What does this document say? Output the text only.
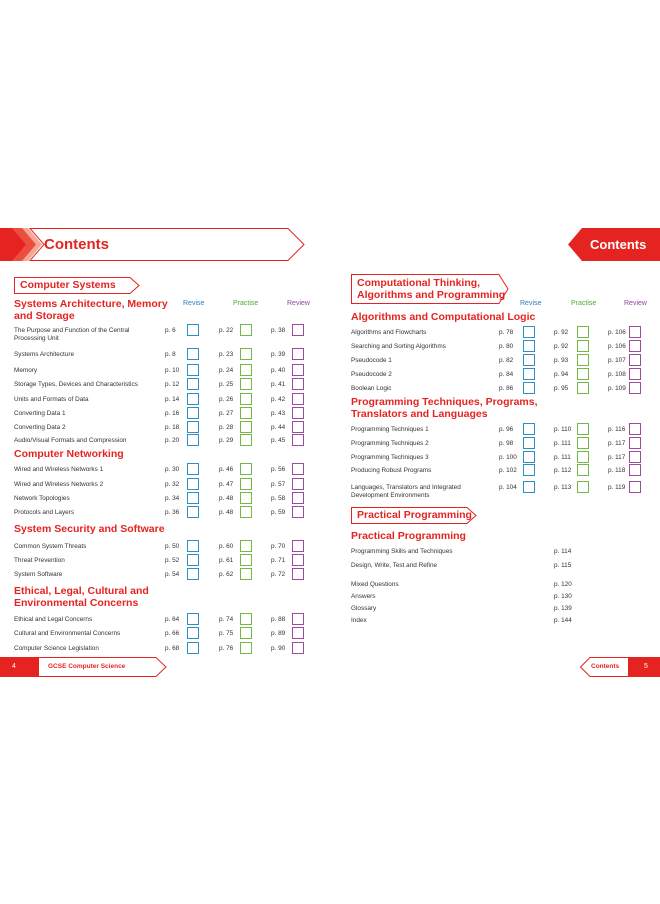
Contents	Contents
Computer Systems
Revise	Practise	Review
Systems Architecture, Memory and Storage
The Purpose and Function of the Central Processing Unit
p. 6	p. 22	p. 38
Systems Architecture	p. 8	p. 23	p. 39
Memory	p. 10	p. 24	p. 40
Storage Types, Devices and Characteristics	p. 12	p. 25	p. 41
Units and Formats of Data	p. 14	p. 26	p. 42
Converting Data 1	p. 16	p. 27	p. 43
Converting Data 2	p. 18	p. 28	p. 44
Audio/Visual Formats and Compression	p. 20	p. 29	p. 45
Computer Networking
System Security and Software
Ethical, Legal, Cultural and Environmental Concerns
Wired and Wireless Networks 1	p. 30	p. 46	p. 56
Wired and Wireless Networks 2	p. 32	p. 47	p. 57
Network Topologies	p. 34	p. 48	p. 58
Protocols and Layers	p. 36	p. 48	p. 59
Common System Threats	p. 50	p. 60	p. 70
Threat Prevention	p. 52	p. 61	p. 71
System Software	p. 54	p. 62	p. 72
Ethical and Legal Concerns	p. 64	p. 74	p. 88
Cultural and Environmental Concerns	p. 66	p. 75	p. 89
Computer Science Legislation	p. 68	p. 76	p. 90
Computational Thinking, Algorithms and Programming
Revise	Practise	Review
Algorithms and Computational Logic
Programming Techniques, Programs, Translators and Languages
Practical Programming
Practical Programming
Algorithms and Flowcharts	p. 78	p. 92	p. 106
Searching and Sorting Algorithms	p. 80	p. 92	p. 106
Pseudocode 1	p. 82	p. 93	p. 107
Pseudocode 2	p. 84	p. 94	p. 108
Boolean Logic	p. 86	p. 95	p. 109
Programming Techniques 1	p. 96	p. 110	p. 116
Programming Techniques 2	p. 98	p. 111	p. 117
Programming Techniques 3	p. 100	p. 111	p. 117
Producing Robust Programs	p. 102	p. 112	p. 118
Languages, Translators and Integrated Development Environments
p. 104	p. 113	p. 119
Programming Skills and Techniques	p. 114
Design, Write, Test and Refine	p. 115
Mixed Questions	p. 120
Answers	p. 130
Glossary	p. 139
Index	p. 144
4	GCSE Computer Science	Contents	5
